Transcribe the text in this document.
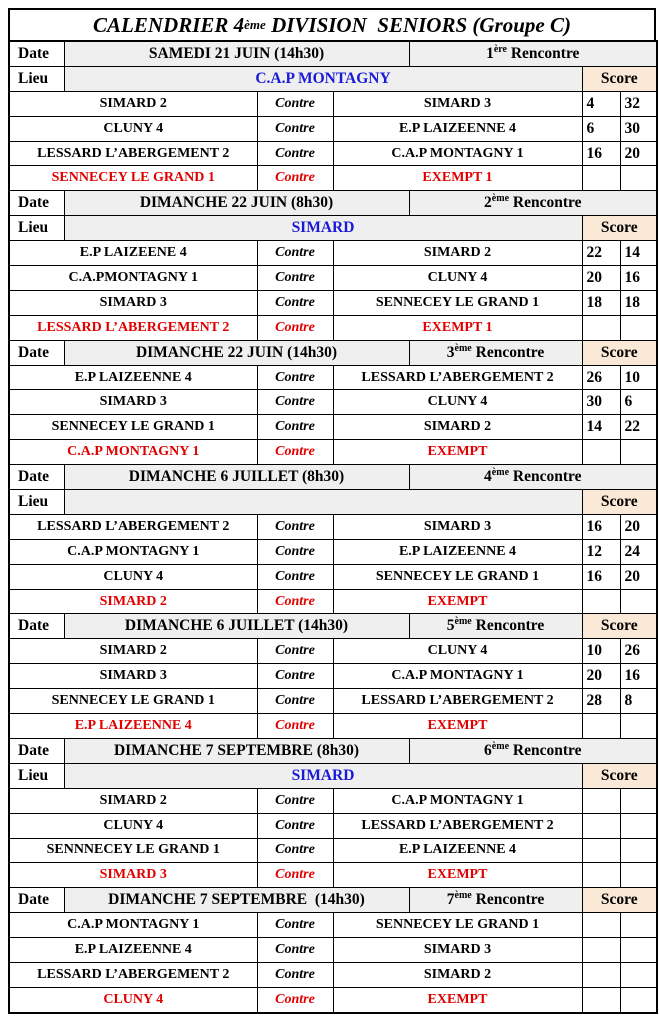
CALENDRIER 4 ème DIVISION  SENIORS (Groupe C)
Date	SAMEDI 21 JUIN (14h30)			1ère Rencontre		
Lieu	C.A.P MONTAGNY				Score	
SIMARD 2		Contre	SIMARD 3		4	32
CLUNY 4		Contre	E.P LAIZEENNE 4		6	30
LESSARD L’ABERGEMENT 2		Contre	C.A.P MONTAGNY 1		16	20
SENNECEY LE GRAND 1		Contre	EXEMPT 1			
Date	DIMANCHE 22 JUIN (8h30)			2ème Rencontre		
Lieu	SIMARD				Score	
E.P LAIZEENE 4		Contre	SIMARD 2		22	14
C.A.PMONTAGNY 1		Contre	CLUNY 4		20	16
SIMARD 3		Contre	SENNECEY LE GRAND 1		18	18
LESSARD L’ABERGEMENT 2		Contre	EXEMPT 1			
Date	DIMANCHE 22 JUIN (14h30)			3ème Rencontre	Score	
E.P LAIZEENNE 4		Contre	LESSARD L’ABERGEMENT 2		26	10
SIMARD 3		Contre	CLUNY 4		30	6
SENNECEY LE GRAND 1		Contre	SIMARD 2		14	22
C.A.P MONTAGNY 1		Contre	EXEMPT			
Date	DIMANCHE 6 JUILLET (8h30)			4ème Rencontre		
Lieu					Score	
LESSARD L’ABERGEMENT 2		Contre	SIMARD 3		16	20
C.A.P MONTAGNY 1		Contre	E.P LAIZEENNE 4		12	24
CLUNY 4		Contre	SENNECEY LE GRAND 1		16	20
SIMARD 2		Contre	EXEMPT			
Date	DIMANCHE 6 JUILLET (14h30)			5ème Rencontre	Score	
SIMARD 2		Contre	CLUNY 4		10	26
SIMARD 3		Contre	C.A.P MONTAGNY 1		20	16
SENNECEY LE GRAND 1		Contre	LESSARD L’ABERGEMENT 2		28	8
E.P LAIZEENNE 4		Contre	EXEMPT			
Date	DIMANCHE 7 SEPTEMBRE (8h30)			6ème Rencontre		
Lieu	SIMARD				Score	
SIMARD 2		Contre	C.A.P MONTAGNY 1			
CLUNY 4		Contre	LESSARD L’ABERGEMENT 2			
SENNNECEY LE GRAND 1		Contre	E.P LAIZEENNE 4			
SIMARD 3		Contre	EXEMPT			
Date	DIMANCHE 7 SEPTEMBRE  (14h30)			7ème Rencontre	Score	
C.A.P MONTAGNY 1		Contre	SENNECEY LE GRAND 1			
E.P LAIZEENNE 4		Contre	SIMARD 3			
LESSARD L’ABERGEMENT 2		Contre	SIMARD 2			
CLUNY 4		Contre	EXEMPT			
